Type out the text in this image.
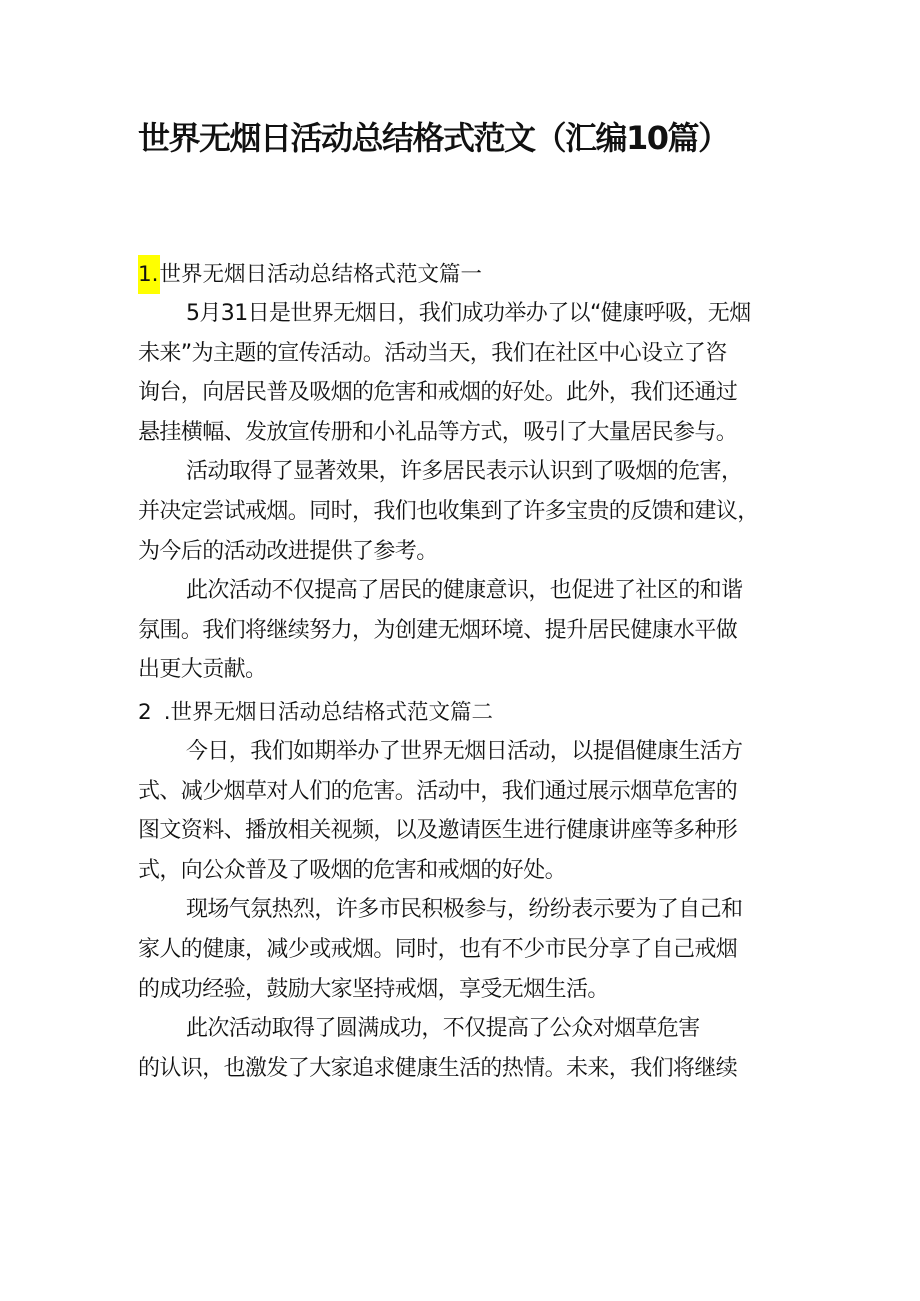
世界无烟日活动总结格式范文（汇编10篇）
1.世界无烟日活动总结格式范文篇一

5月31日是世界无烟日，我们成功举办了以“健康呼吸，无烟
未来”为主题的宣传活动。活动当天，我们在社区中心设立了咨
询台，向居民普及吸烟的危害和戒烟的好处。此外，我们还通过
悬挂横幅、发放宣传册和小礼品等方式，吸引了大量居民参与。

活动取得了显著效果，许多居民表示认识到了吸烟的危害，
并决定尝试戒烟。同时，我们也收集到了许多宝贵的反馈和建议，
为今后的活动改进提供了参考。

此次活动不仅提高了居民的健康意识，也促进了社区的和谐
氛围。我们将继续努力，为创建无烟环境、提升居民健康水平做
出更大贡献。

2 .世界无烟日活动总结格式范文篇二

今日，我们如期举办了世界无烟日活动，以提倡健康生活方
式、减少烟草对人们的危害。活动中，我们通过展示烟草危害的
图文资料、播放相关视频，以及邀请医生进行健康讲座等多种形
式，向公众普及了吸烟的危害和戒烟的好处。

现场气氛热烈，许多市民积极参与，纷纷表示要为了自己和
家人的健康，减少或戒烟。同时，也有不少市民分享了自己戒烟
的成功经验，鼓励大家坚持戒烟，享受无烟生活。

此次活动取得了圆满成功，不仅提高了公众对烟草危害
的认识，也激发了大家追求健康生活的热情。未来，我们将继续
